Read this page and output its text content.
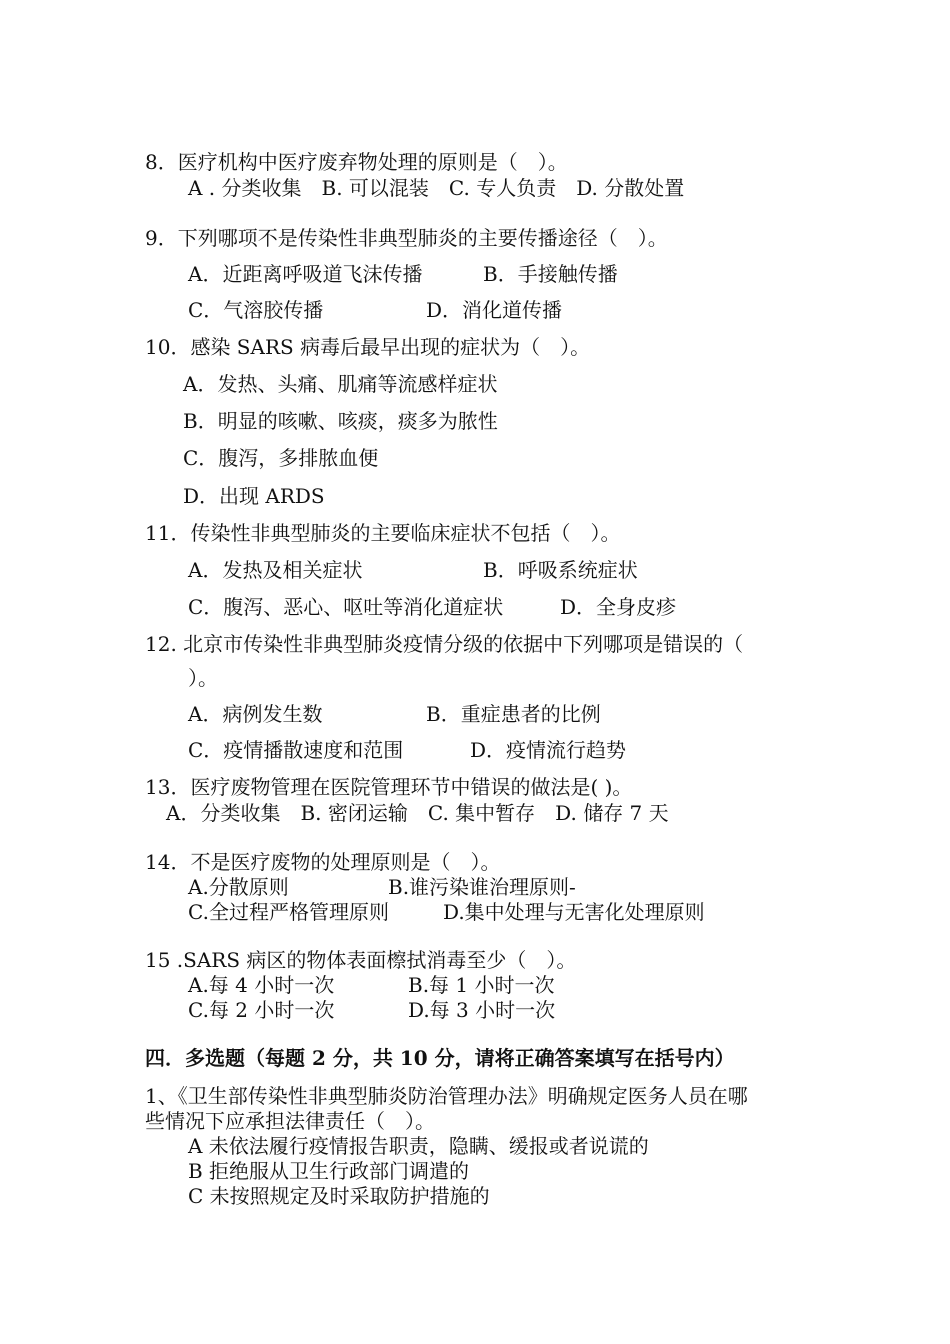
8．医疗机构中医疗废弃物处理的原则是（　）。
A . 分类收集　B. 可以混装　C. 专人负责　D. 分散处置
9．下列哪项不是传染性非典型肺炎的主要传播途径（　）。
A．近距离呼吸道飞沫传播	B．手接触传播
C．气溶胶传播	D．消化道传播
10．感染 SARS 病毒后最早出现的症状为（　）。
A．发热、头痛、肌痛等流感样症状
B．明显的咳嗽、咳痰，痰多为脓性
C．腹泻，多排脓血便
D．出现 ARDS
11．传染性非典型肺炎的主要临床症状不包括（　）。
A．发热及相关症状	B．呼吸系统症状
C．腹泻、恶心、呕吐等消化道症状	D．全身皮疹
12. 北京市传染性非典型肺炎疫情分级的依据中下列哪项是错误的（
）。
A．病例发生数	B．重症患者的比例
C．疫情播散速度和范围	D．疫情流行趋势
13．医疗废物管理在医院管理环节中错误的做法是( )。
A．分类收集　B. 密闭运输　C. 集中暂存　D. 储存 7 天
14．不是医疗废物的处理原则是（　）。
A.分散原则	B.谁污染谁治理原则-
C.全过程严格管理原则	D.集中处理与无害化处理原则
15 .SARS 病区的物体表面檫拭消毒至少（　）。
A.每 4 小时一次	B.每 1 小时一次
C.每 2 小时一次	D.每 3 小时一次
四．多选题（每题 2 分，共 10 分，请将正确答案填写在括号内）
1、《卫生部传染性非典型肺炎防治管理办法》明确规定医务人员在哪
些情况下应承担法律责任（　）。
A 未依法履行疫情报告职责，隐瞒、缓报或者说谎的
B 拒绝服从卫生行政部门调遣的
C 未按照规定及时采取防护措施的
